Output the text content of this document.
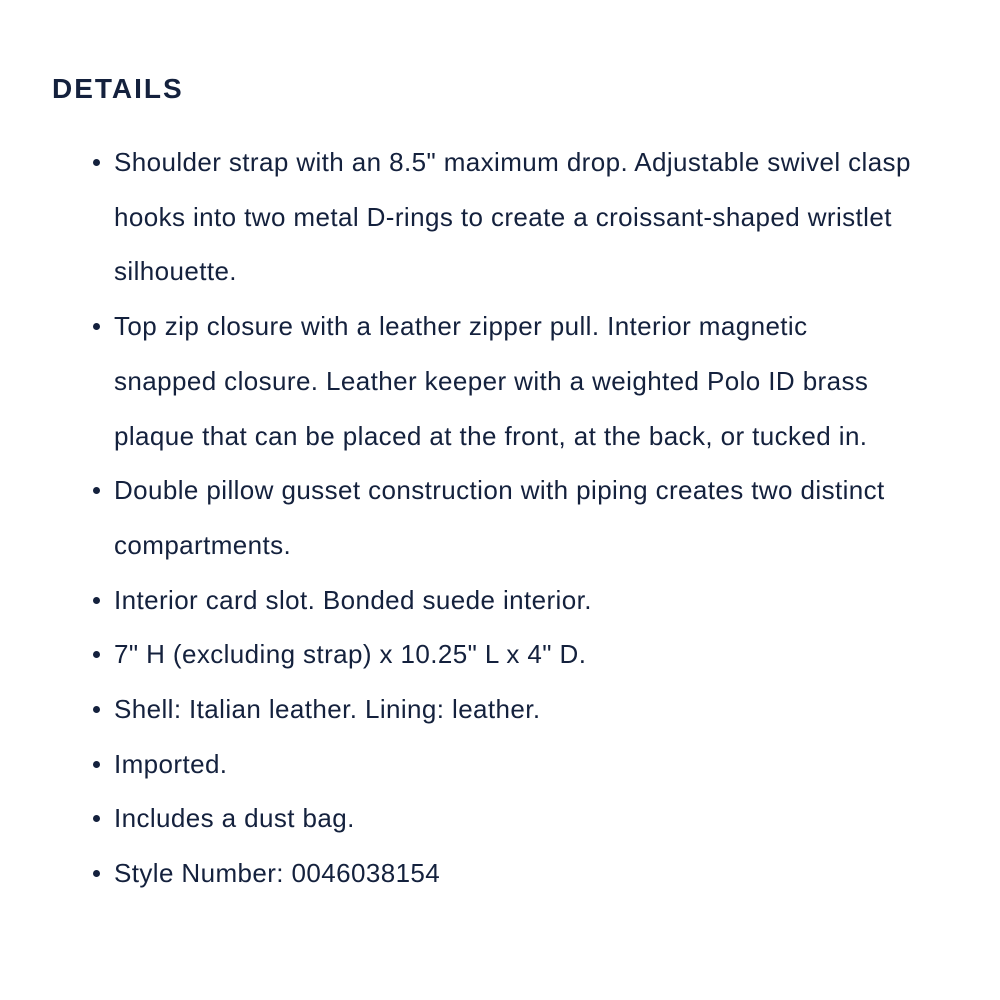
DETAILS
Shoulder strap with an 8.5" maximum drop. Adjustable swivel clasp hooks into two metal D-rings to create a croissant-shaped wristlet silhouette.
Top zip closure with a leather zipper pull. Interior magnetic snapped closure. Leather keeper with a weighted Polo ID brass plaque that can be placed at the front, at the back, or tucked in.
Double pillow gusset construction with piping creates two distinct compartments.
Interior card slot. Bonded suede interior.
7" H (excluding strap) x 10.25" L x 4" D.
Shell: Italian leather. Lining: leather.
Imported.
Includes a dust bag.
Style Number: 0046038154
